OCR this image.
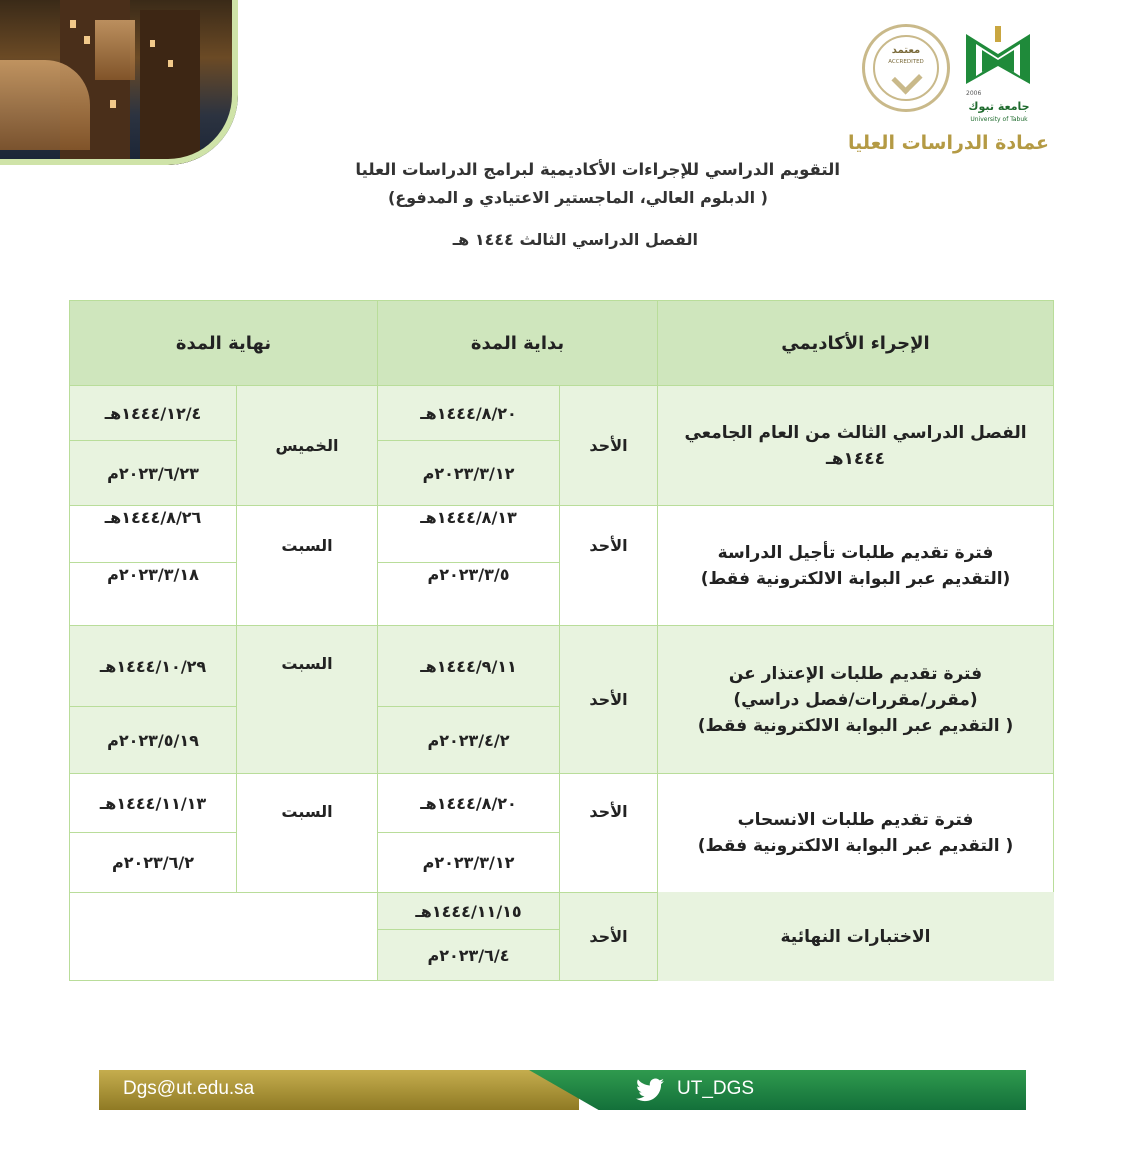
معتمد
ACCREDITED
2006
جامعة تبوك
University of Tabuk
عمادة الدراسات العليا
التقويم الدراسي للإجراءات الأكاديمية لبرامج الدراسات العليا
( الدبلوم العالي، الماجستير الاعتيادي و المدفوع)
الفصل الدراسي الثالث ١٤٤٤ هـ
الإجراء الأكاديمي
بداية المدة
نهاية المدة
الفصل الدراسي الثالث من العام الجامعي ١٤٤٤هـ
الأحد
١٤٤٤/٨/٢٠هـ
٢٠٢٣/٣/١٢م
الخميس
١٤٤٤/١٢/٤هـ
٢٠٢٣/٦/٢٣م
فترة تقديم طلبات تأجيل الدراسة
(التقديم عبر البوابة الالكترونية فقط)
الأحد
١٤٤٤/٨/١٣هـ
٢٠٢٣/٣/٥م
السبت
١٤٤٤/٨/٢٦هـ
٢٠٢٣/٣/١٨م
فترة تقديم طلبات الإعتذار عن
(مقرر/مقررات/فصل دراسي)
( التقديم عبر البوابة الالكترونية فقط)
الأحد
١٤٤٤/٩/١١هـ
٢٠٢٣/٤/٢م
السبت
١٤٤٤/١٠/٢٩هـ
٢٠٢٣/٥/١٩م
فترة تقديم طلبات الانسحاب
( التقديم عبر البوابة الالكترونية فقط)
الأحد
١٤٤٤/٨/٢٠هـ
٢٠٢٣/٣/١٢م
السبت
١٤٤٤/١١/١٣هـ
٢٠٢٣/٦/٢م
الاختبارات النهائية
الأحد
١٤٤٤/١١/١٥هـ
٢٠٢٣/٦/٤م
Dgs@ut.edu.sa	UT_DGS
